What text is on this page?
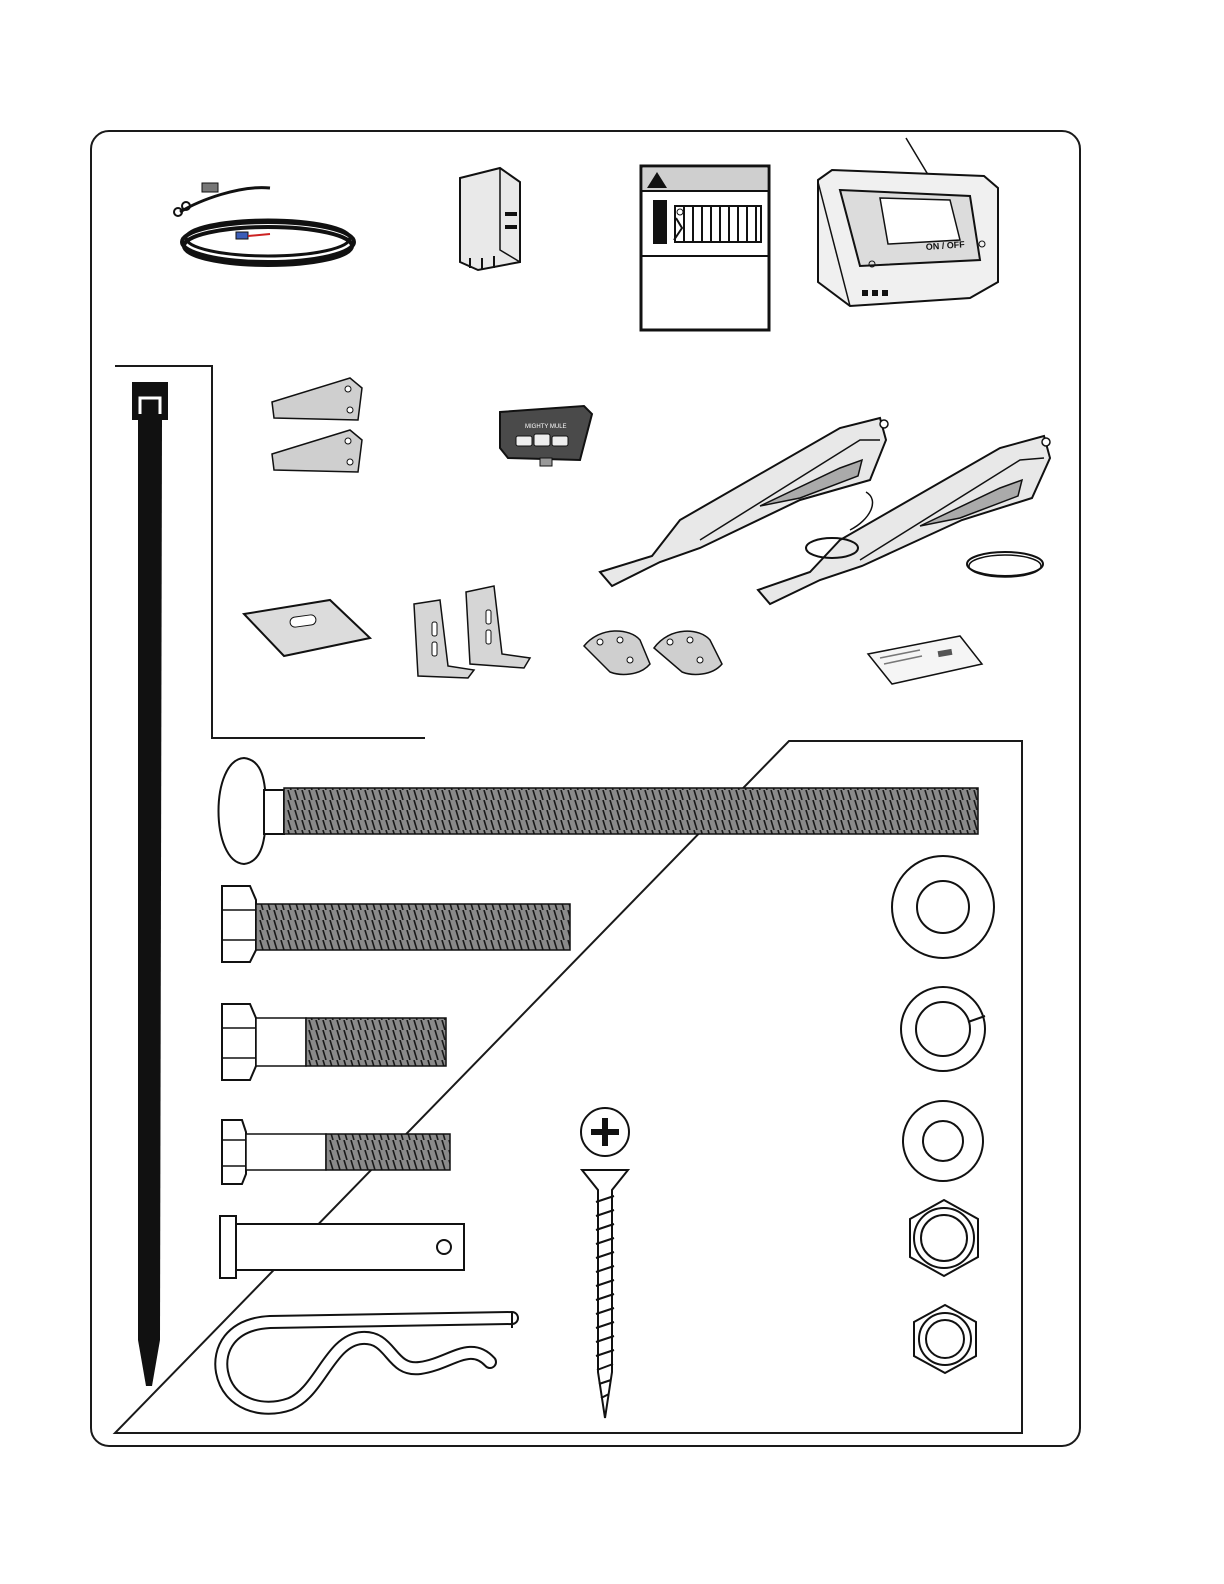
ON / OFF
MIGHTY MULE
